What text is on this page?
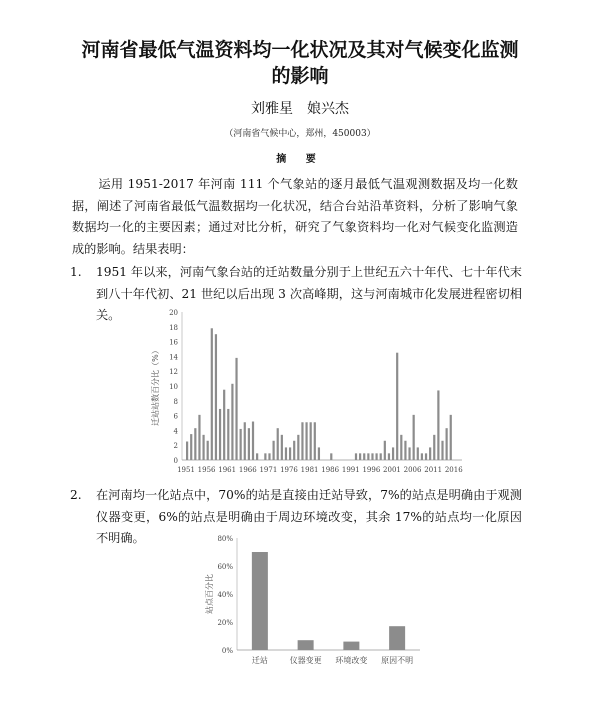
河南省最低气温资料均一化状况及其对气候变化监测
的影响
刘雅星　娘兴杰
（河南省气候中心，郑州，450003）
摘 要
运用 1951-2017 年河南 111 个气象站的逐月最低气温观测数据及均一化数据，阐述了河南省最低气温数据均一化状况，结合台站沿革资料，分析了影响气象数据均一化的主要因素；通过对比分析，研究了气象资料均一化对气候变化监测造成的影响。结果表明：
1.	1951 年以来，河南气象台站的迁站数量分别于上世纪五六十年代、七十年代末到八十年代初、21 世纪以后出现 3 次高峰期，这与河南城市化发展进程密切相关。
0
2
4
6
8
10
12
14
16
18
20
1951 1956 1961 1966 1971 1976 1981 1986 1991 1996 2001 2006 2011 2016
迁站站数百分比（%）
2.	在河南均一化站点中，70%的站是直接由迁站导致，7%的站点是明确由于观测仪器变更，6%的站点是明确由于周边环境改变，其余 17%的站点均一化原因不明确。
0%
20%
40%
60%
80%
迁站	仪器变更 环境改变 原因不明
站点百分比
